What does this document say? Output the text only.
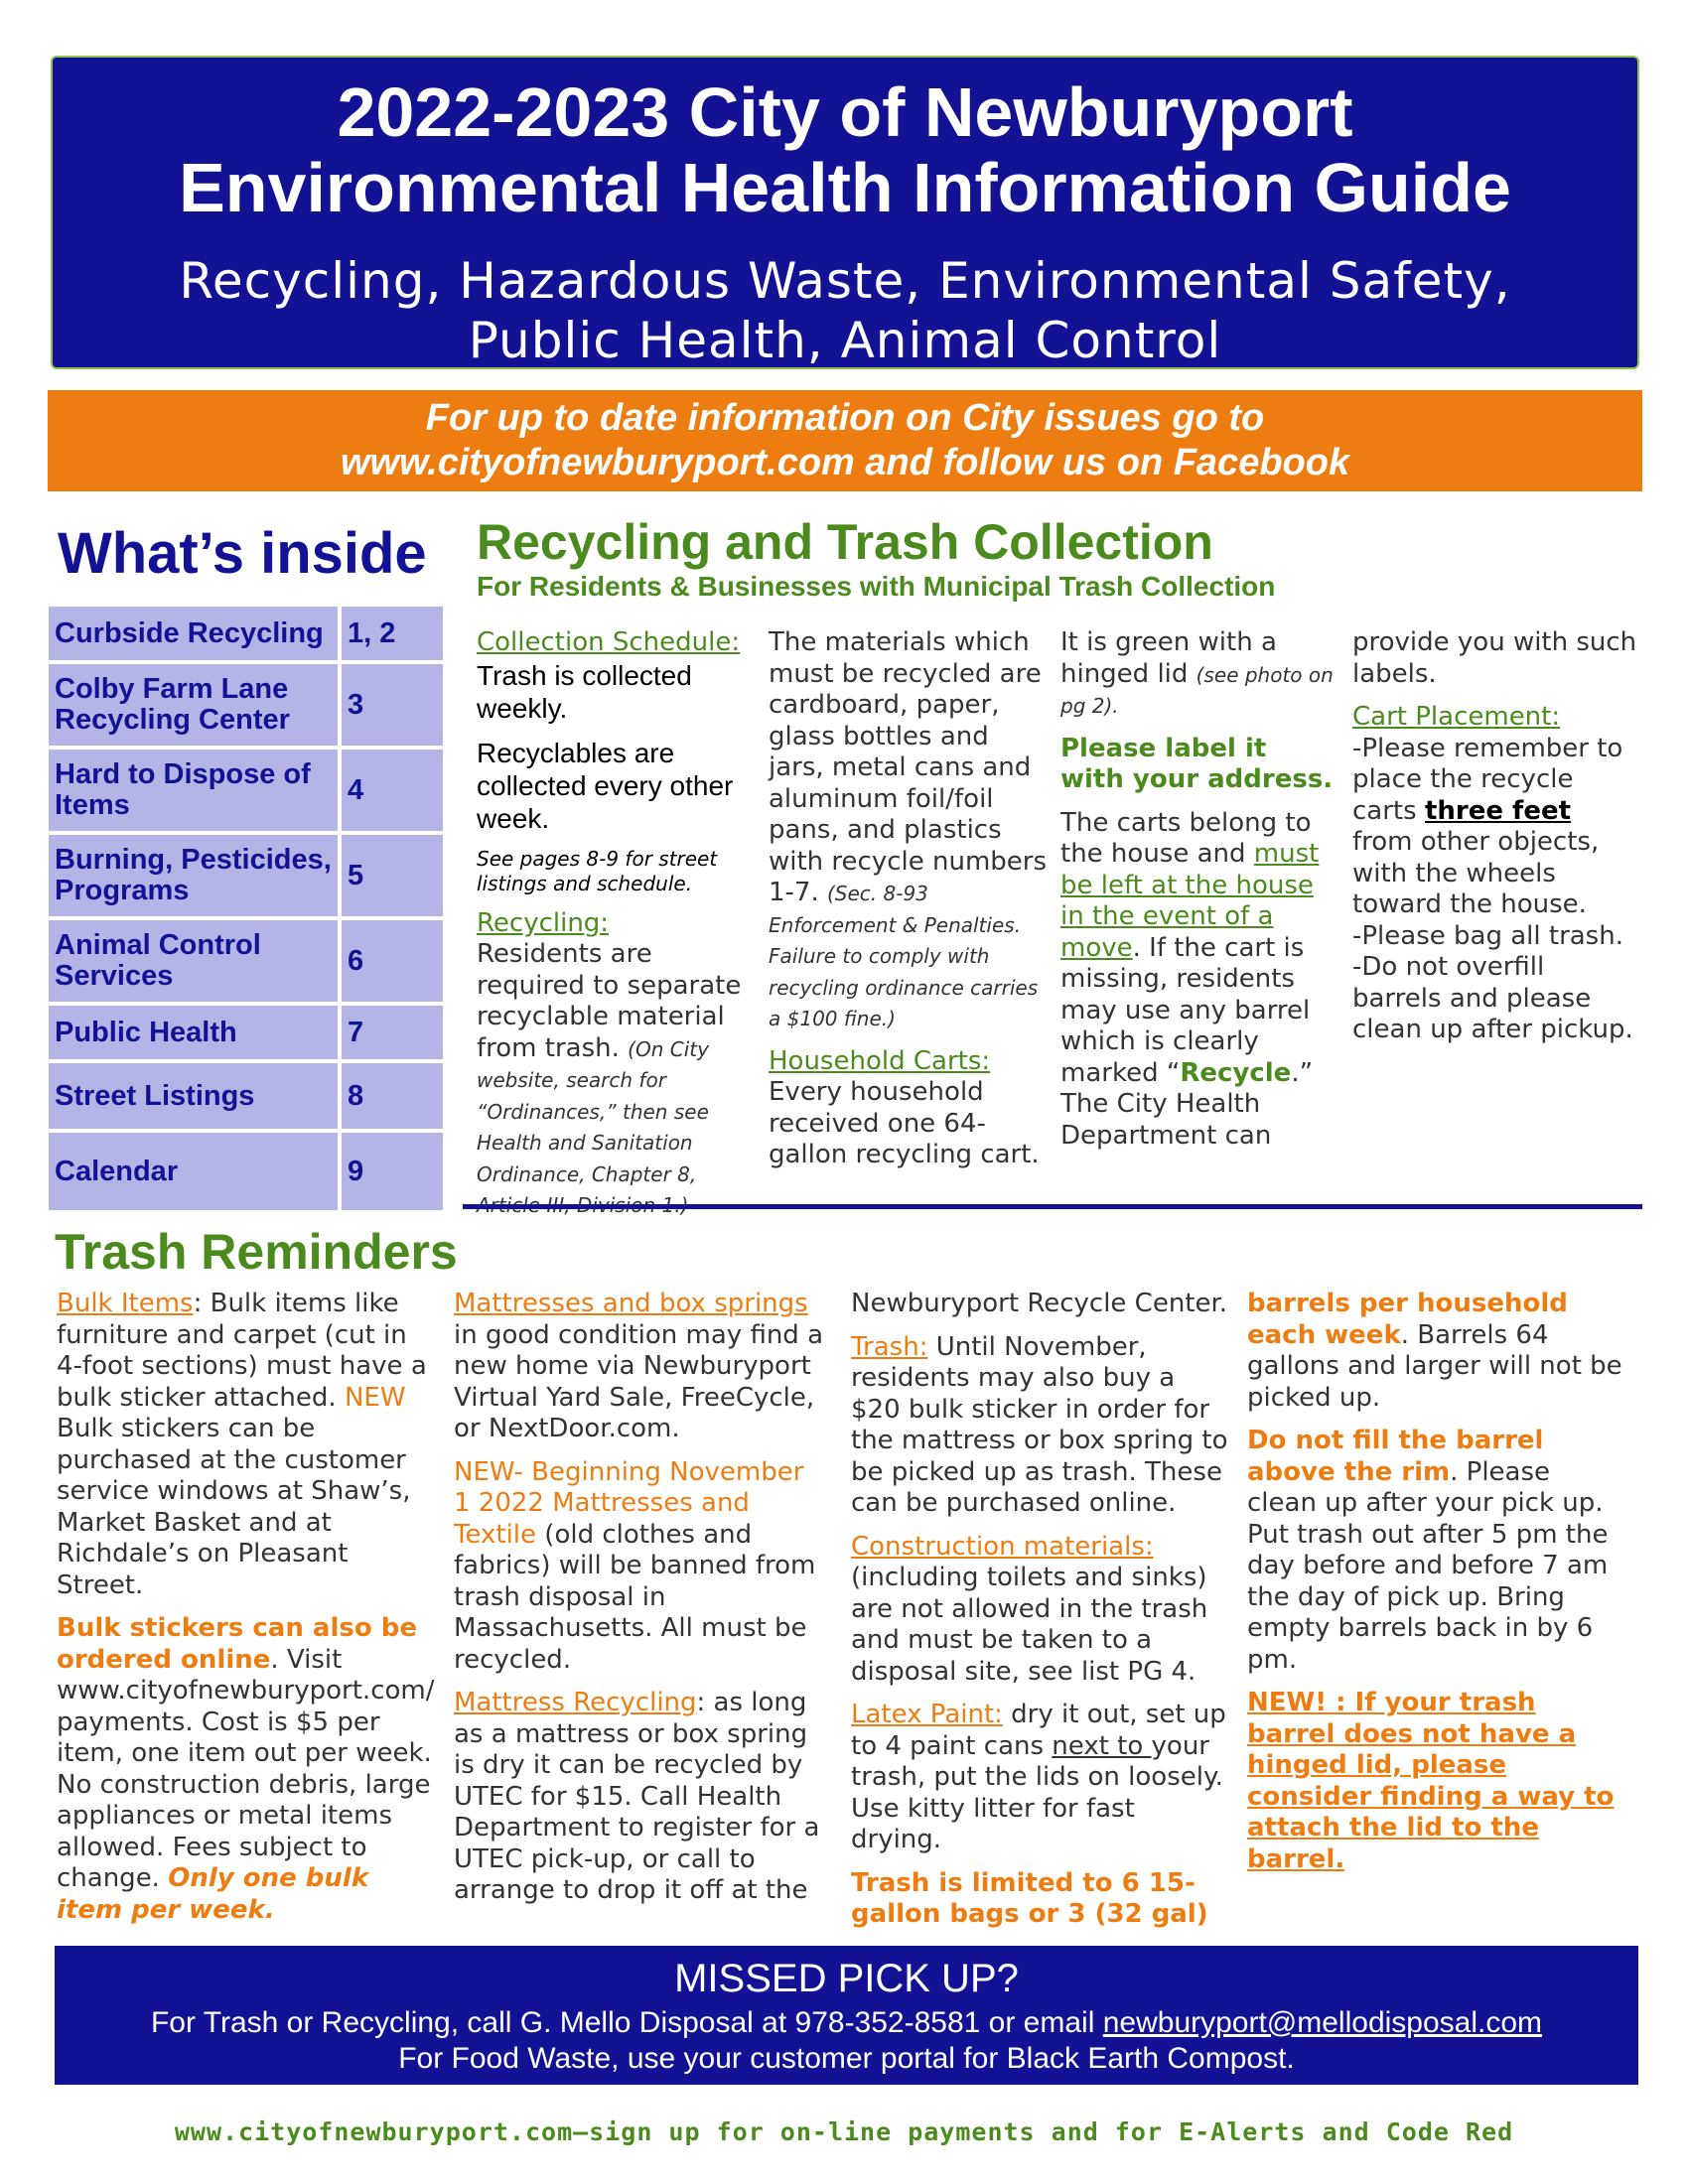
2022-2023 City of Newburyport
Environmental Health Information Guide
Recycling, Hazardous Waste, Environmental Safety,
Public Health, Animal Control
For up to date information on City issues go to
www.cityofnewburyport.com and follow us on Facebook
What’s inside
Curbside Recycling	1, 2
Colby Farm Lane Recycling Center	3
Hard to Dispose of Items	4
Burning, Pesticides, Programs	5
Animal Control Services	6
Public Health	7
Street Listings	8
Calendar	9
Recycling and Trash Collection
For Residents & Businesses with Municipal Trash Collection

Collection Schedule:

Trash is collected weekly.

Recyclables are collected every other week.

See pages 8-9 for street listings and schedule.

Recycling:

Residents are required to separate recyclable material from trash. (On City website, search for “Ordinances,” then see Health and Sanitation Ordinance, Chapter 8,

The materials which must be recycled are cardboard, paper, glass bottles and jars, metal cans and aluminum foil/foil pans, and plastics with recycle numbers 1-7. (Sec. 8-93 Enforcement & Penalties. Failure to comply with recycling ordinance carries a $100 fine.)

Household Carts:

Every household received one 64-gallon recycling cart.

It is green with a hinged lid (see photo on pg 2).

Please label it with your address.

The carts belong to the house and must be left at the house in the event of a move. If the cart is missing, residents may use any barrel which is clearly marked “Recycle.” The City Health Department can

provide you with such labels.

Cart Placement:

-Please remember to place the recycle carts three feet from other objects, with the wheels toward the house.

-Please bag all trash.

-Do not overfill barrels and please clean up after pickup.

Trash Reminders

Bulk Items: Bulk items like furniture and carpet (cut in 4-foot sections) must have a bulk sticker attached. NEW Bulk stickers can be purchased at the customer service windows at Shaw’s, Market Basket and at Richdale’s on Pleasant Street.

Bulk stickers can also be ordered online. Visit www.cityofnewburyport.com/ payments. Cost is $5 per item, one item out per week. No construction debris, large appliances or metal items allowed. Fees subject to change. Only one bulk item per week.

Mattresses and box springs in good condition may find a new home via Newburyport Virtual Yard Sale, FreeCycle, or NextDoor.com.

NEW- Beginning November 1 2022 Mattresses and Textile (old clothes and fabrics) will be banned from trash disposal in Massachusetts. All must be recycled.

Mattress Recycling: as long as a mattress or box spring is dry it can be recycled by UTEC for $15. Call Health Department to register for a UTEC pick-up, or call to arrange to drop it off at the

Newburyport Recycle Center.

Trash: Until November, residents may also buy a $20 bulk sticker in order for the mattress or box spring to be picked up as trash. These can be purchased online.

Construction materials: (including toilets and sinks) are not allowed in the trash and must be taken to a disposal site, see list PG 4.

Latex Paint: dry it out, set up to 4 paint cans next to your trash, put the lids on loosely. Use kitty litter for fast drying.

Trash is limited to 6 15-gallon bags or 3 (32 gal)

barrels per household each week. Barrels 64 gallons and larger will not be picked up.

Do not fill the barrel above the rim. Please clean up after your pick up. Put trash out after 5 pm the day before and before 7 am the day of pick up. Bring empty barrels back in by 6 pm.

NEW! : If your trash barrel does not have a hinged lid, please consider finding a way to attach the lid to the barrel.

MISSED PICK UP?
For Trash or Recycling, call G. Mello Disposal at 978-352-8581 or email newburyport@mellodisposal.com
For Food Waste, use your customer portal for Black Earth Compost.
www.cityofnewburyport.com—sign up for on-line payments and for E-Alerts and Code Red
